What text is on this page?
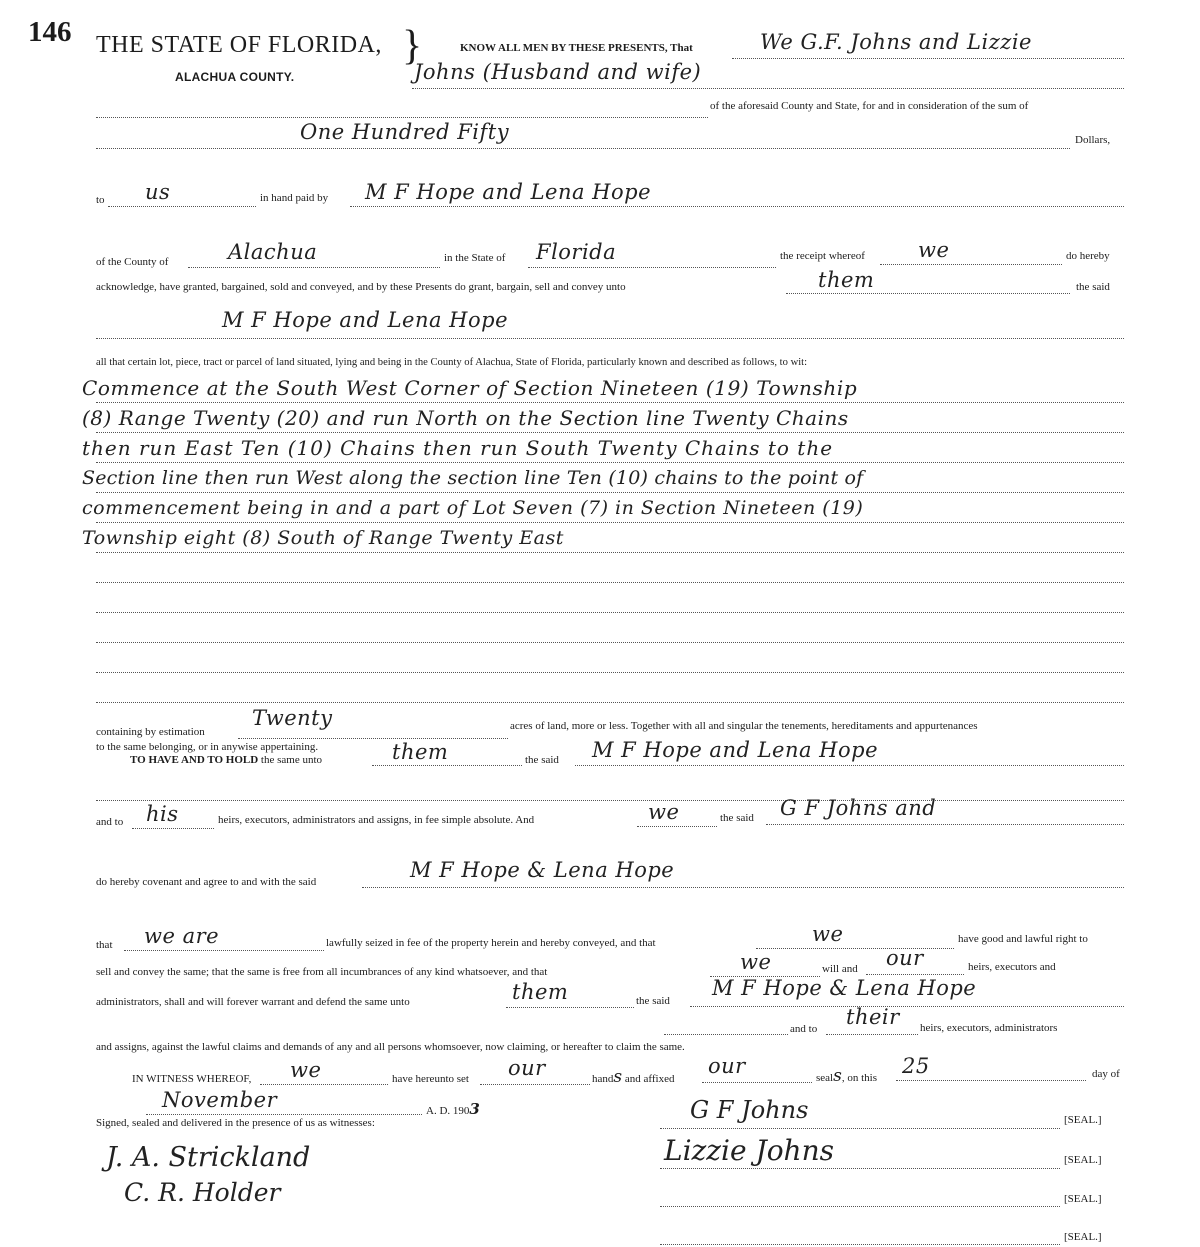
146 THE STATE OF FLORIDA, }
ALACHUA COUNTY.
KNOW ALL MEN BY THESE PRESENTS, That	We G.F. Johns and Lizzie
Johns (Husband and wife)
of the aforesaid County and State, for and in consideration of the sum of
One Hundred Fifty	Dollars,
to us	in hand paid by M F Hope and Lena Hope
of the County of	Alachua	in the State of Florida	the receipt whereof	we	do hereby
acknowledge, have granted, bargained, sold and conveyed, and by these Presents do grant, bargain, sell and convey unto	them	the said
M F Hope and Lena Hope
all that certain lot, piece, tract or parcel of land situated, lying and being in the County of Alachua, State of Florida, particularly known and described as follows, to wit:
Commence at the South West Corner of Section Nineteen (19) Township
(8) Range Twenty (20) and run North on the Section line Twenty Chains
then run East Ten (10) Chains then run South Twenty Chains to the
Section line then run West along the section line Ten (10) chains to the point of
commencement being in and a part of Lot Seven (7) in Section Nineteen (19)
Township eight (8) South of Range Twenty East
containing by estimation
Twenty	acres of land, more or less. Together with all and singular the tenements, hereditaments and appurtenances
to the same belonging, or in anywise appertaining.
TO HAVE AND TO HOLD the same unto	them	the said M F Hope and Lena Hope
and to his	heirs, executors, administrators and assigns, in fee simple absolute. And	we	the said G F Johns and
do hereby covenant and agree to and with the said	M F Hope & Lena Hope
that we are	lawfully seized in fee of the property herein and hereby conveyed, and that	we	have good and lawful right to
sell and convey the same; that the same is free from all incumbrances of any kind whatsoever, and that	we	will and our	heirs, executors and
administrators, shall and will forever warrant and defend the same unto	them	the said
M F Hope & Lena Hope
and to their heirs, executors, administrators
and assigns, against the lawful claims and demands of any and all persons whomsoever, now claiming, or hereafter to claim the same.
IN WITNESS WHEREOF, we	have hereunto set our	hands and affixed
our	seals, on this 25	day of
November	A. D. 1903
Signed, sealed and delivered in the presence of us as witnesses:
J. A. Strickland
C. R. Holder
G F Johns	[SEAL.]
Lizzie Johns	[SEAL.]
[SEAL.]
[SEAL.]
